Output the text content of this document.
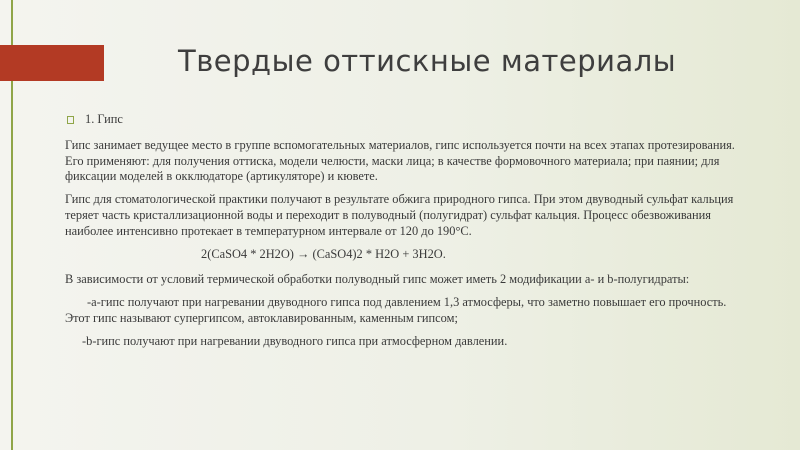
Твердые оттискные материалы
1. Гипс

Гипс занимает ведущее место в группе вспомогательных материалов, гипс используется почти на всех этапах протезирования. Его применяют: для получения оттиска, модели челюсти, маски лица; в качестве формовочного материала; при паянии; для фиксации моделей в окклюдаторе (артикуляторе) и кювете.

Гипс для стоматологической практики получают в результате обжига природного гипса. При этом двуводный сульфат кальция теряет часть кристаллизационной воды и переходит в полуводный (полугидрат) сульфат кальция. Процесс обезвоживания наиболее интенсивно протекает в температурном интервале от 120 до 190°С.

2(CaSO4 * 2H2O) → (CaSO4)2 * H2O + 3H2O.

В зависимости от условий термической обработки полуводный гипс может иметь 2 модификации а- и b-полугидраты:

-а-гипс получают при нагревании двуводного гипса под давлением 1,3 атмосферы, что заметно повышает его прочность. Этот гипс называют супергипсом, автоклавированным, каменным гипсом;

-b-гипс получают при нагревании двуводного гипса при атмосферном давлении.
